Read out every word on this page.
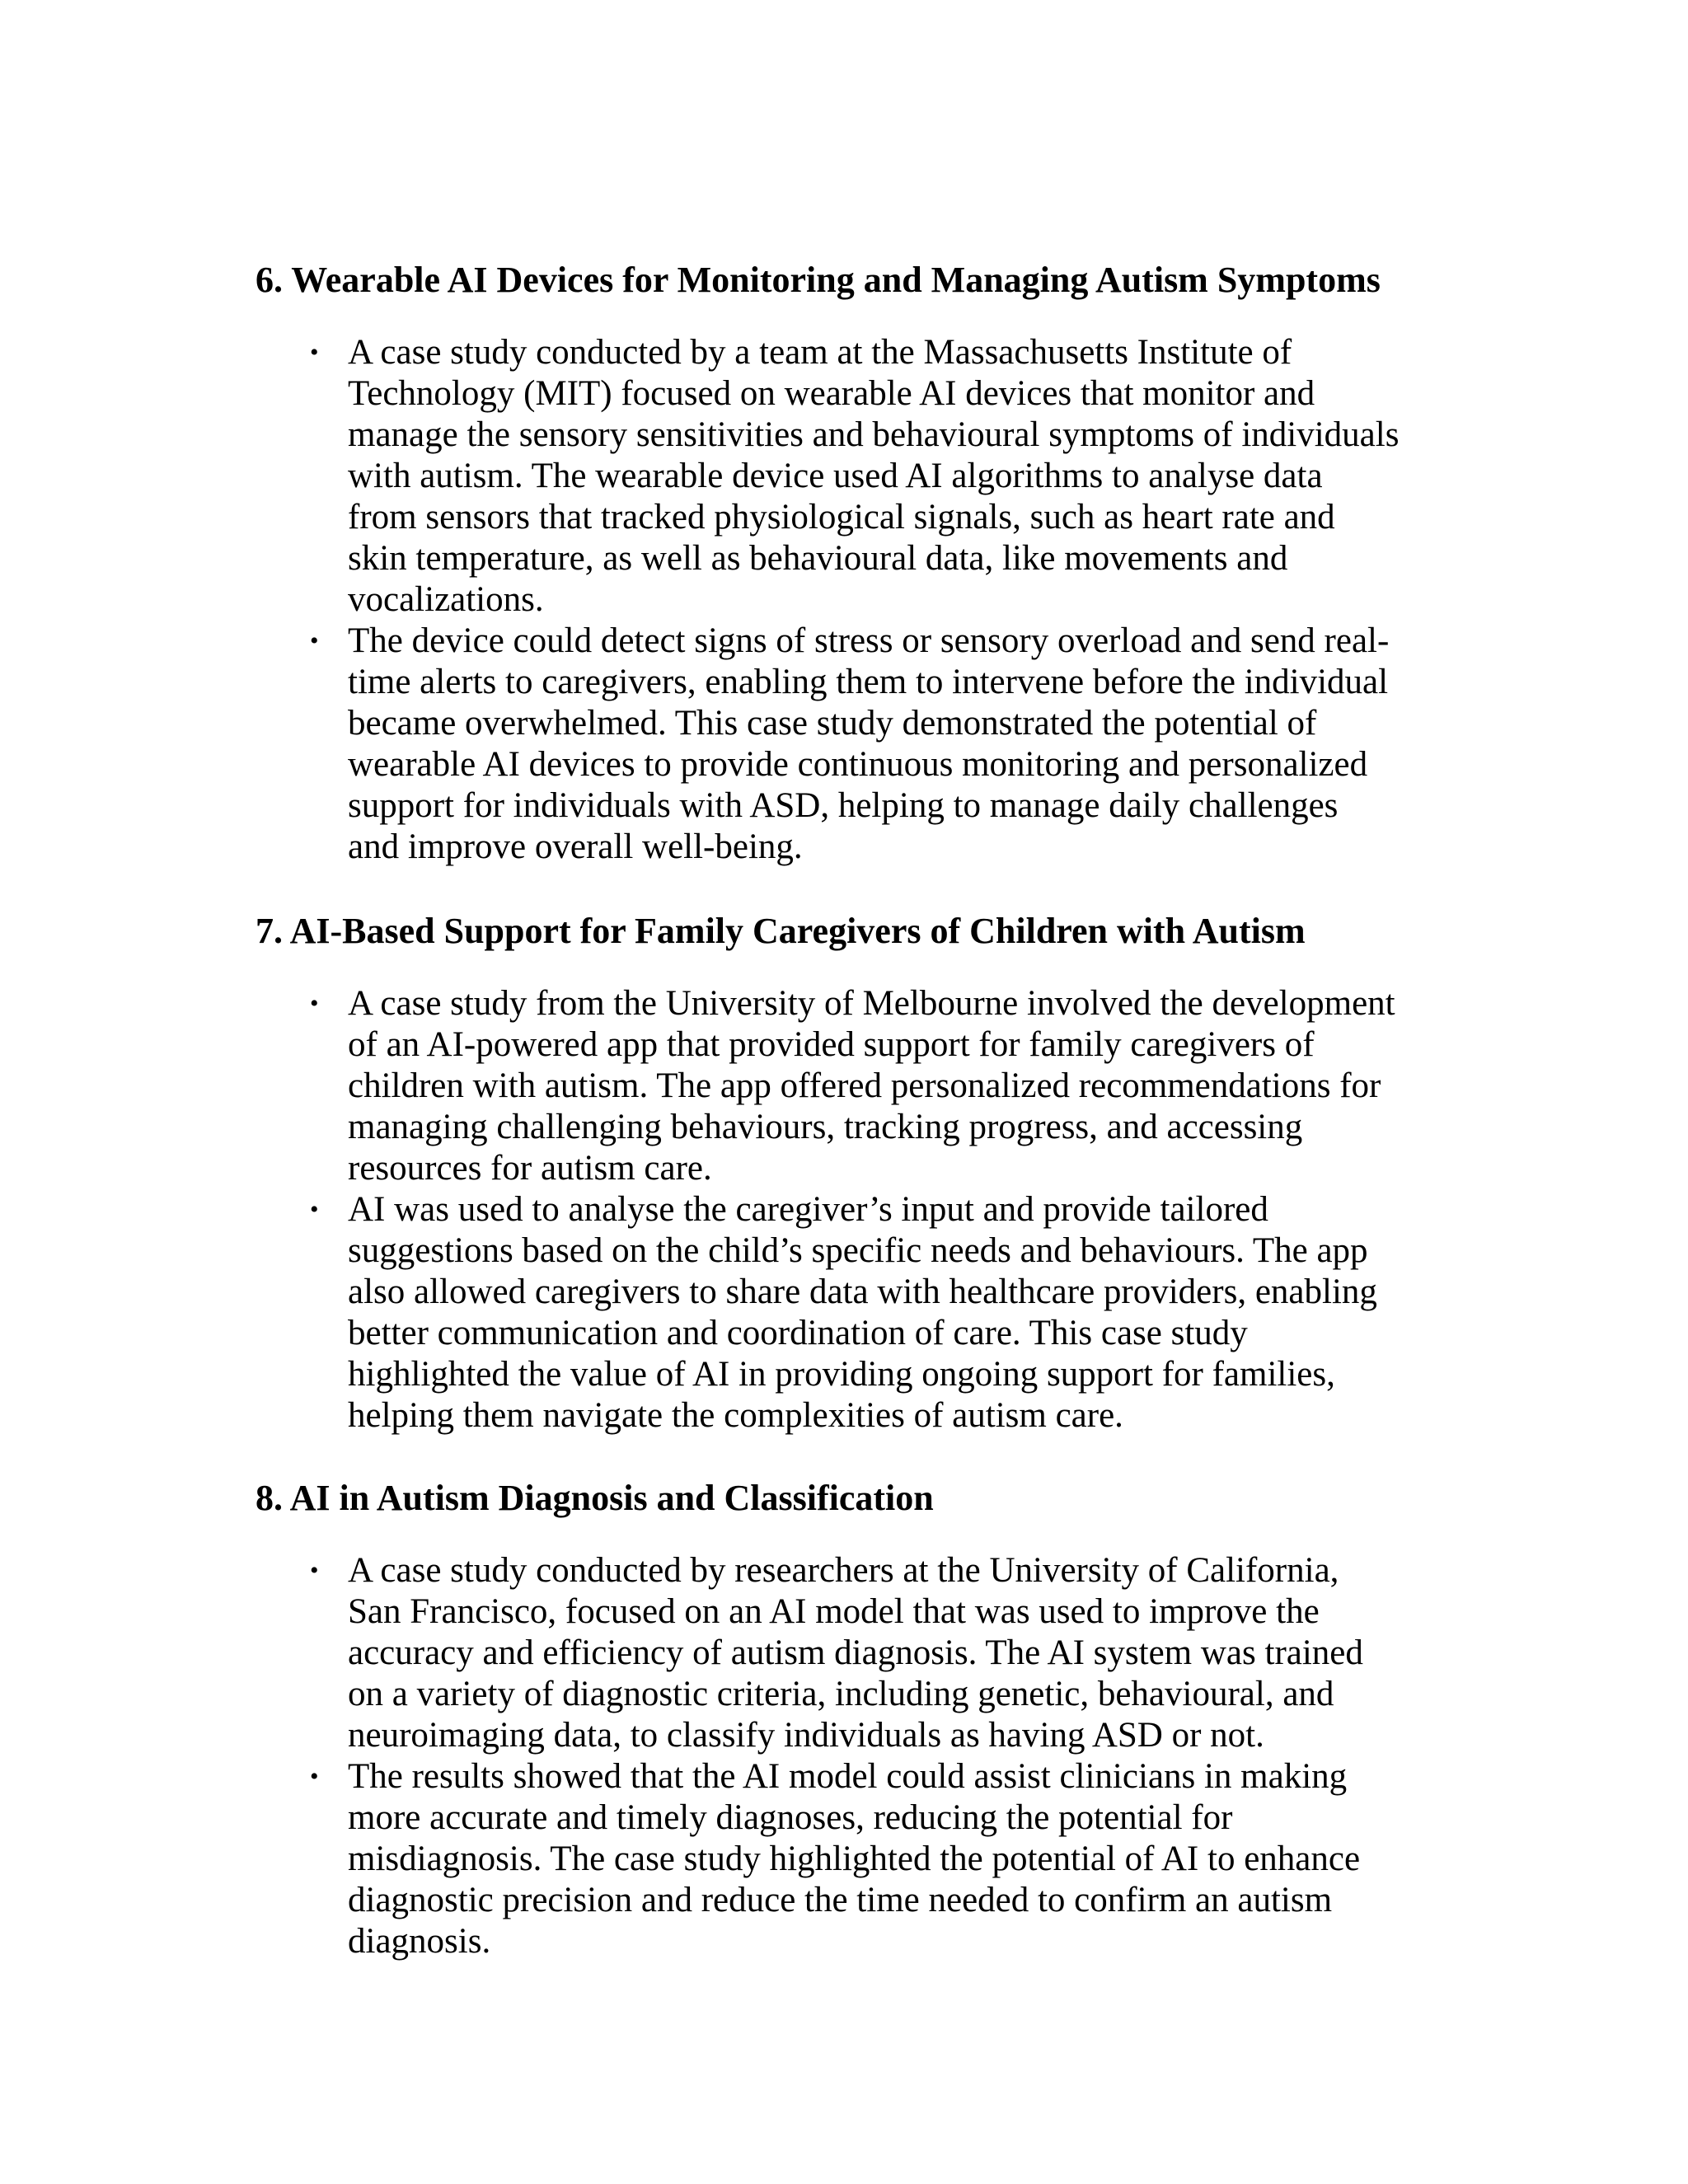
6. Wearable AI Devices for Monitoring and Managing Autism Symptoms
• A case study conducted by a team at the Massachusetts Institute of
Technology (MIT) focused on wearable AI devices that monitor and
manage the sensory sensitivities and behavioural symptoms of individuals
with autism. The wearable device used AI algorithms to analyse data
from sensors that tracked physiological signals, such as heart rate and
skin temperature, as well as behavioural data, like movements and
vocalizations.
• The device could detect signs of stress or sensory overload and send real-
time alerts to caregivers, enabling them to intervene before the individual
became overwhelmed. This case study demonstrated the potential of
wearable AI devices to provide continuous monitoring and personalized
support for individuals with ASD, helping to manage daily challenges
and improve overall well-being.
7. AI-Based Support for Family Caregivers of Children with Autism
• A case study from the University of Melbourne involved the development
of an AI-powered app that provided support for family caregivers of
children with autism. The app offered personalized recommendations for
managing challenging behaviours, tracking progress, and accessing
resources for autism care.
• AI was used to analyse the caregiver’s input and provide tailored
suggestions based on the child’s specific needs and behaviours. The app
also allowed caregivers to share data with healthcare providers, enabling
better communication and coordination of care. This case study
highlighted the value of AI in providing ongoing support for families,
helping them navigate the complexities of autism care.
8. AI in Autism Diagnosis and Classification
• A case study conducted by researchers at the University of California,
San Francisco, focused on an AI model that was used to improve the
accuracy and efficiency of autism diagnosis. The AI system was trained
on a variety of diagnostic criteria, including genetic, behavioural, and
neuroimaging data, to classify individuals as having ASD or not.
• The results showed that the AI model could assist clinicians in making
more accurate and timely diagnoses, reducing the potential for
misdiagnosis. The case study highlighted the potential of AI to enhance
diagnostic precision and reduce the time needed to confirm an autism
diagnosis.
